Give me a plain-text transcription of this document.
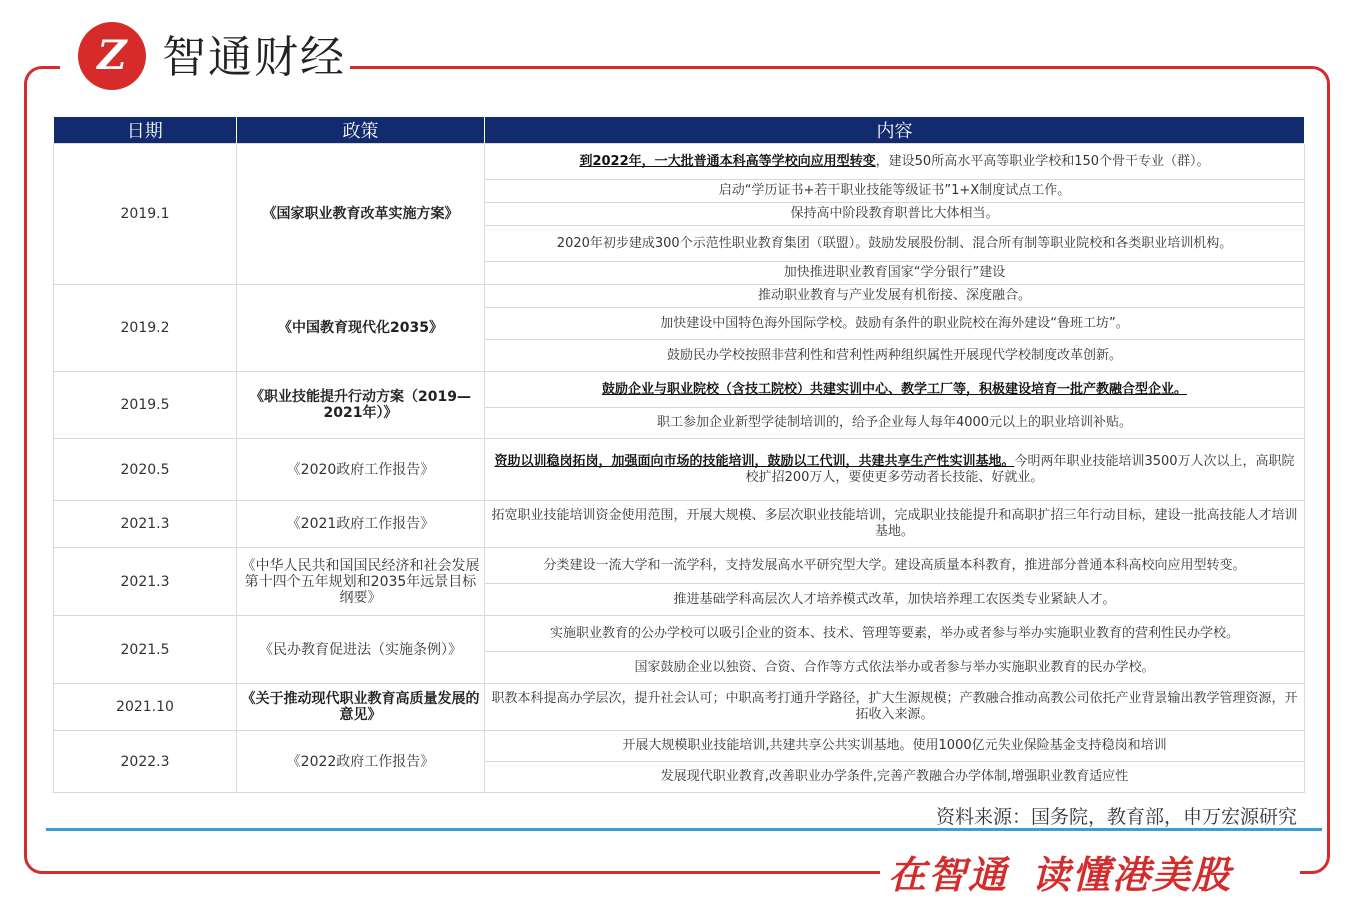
Z 智通财经
日期	政策	内容
2019.1	《国家职业教育改革实施方案》	到2022年，一大批普通本科高等学校向应用型转变，建设50所高水平高等职业学校和150个骨干专业（群）。
		启动“学历证书+若干职业技能等级证书”1+X制度试点工作。
		保持高中阶段教育职普比大体相当。
		2020年初步建成300个示范性职业教育集团（联盟）。鼓励发展股份制、混合所有制等职业院校和各类职业培训机构。
		加快推进职业教育国家“学分银行”建设
2019.2	《中国教育现代化2035》	推动职业教育与产业发展有机衔接、深度融合。
		加快建设中国特色海外国际学校。鼓励有条件的职业院校在海外建设“鲁班工坊”。
		鼓励民办学校按照非营利性和营利性两种组织属性开展现代学校制度改革创新。
2019.5	《职业技能提升行动方案（2019—2021年）》	鼓励企业与职业院校（含技工院校）共建实训中心、教学工厂等，积极建设培育一批产教融合型企业。
		职工参加企业新型学徒制培训的，给予企业每人每年4000元以上的职业培训补贴。
2020.5	《2020政府工作报告》	资助以训稳岗拓岗，加强面向市场的技能培训，鼓励以工代训，共建共享生产性实训基地。今明两年职业技能培训3500万人次以上，高职院校扩招200万人，要使更多劳动者长技能、好就业。
2021.3	《2021政府工作报告》	拓宽职业技能培训资金使用范围，开展大规模、多层次职业技能培训，完成职业技能提升和高职扩招三年行动目标，建设一批高技能人才培训基地。
2021.3	《中华人民共和国国民经济和社会发展第十四个五年规划和2035年远景目标纲要》	分类建设一流大学和一流学科，支持发展高水平研究型大学。建设高质量本科教育，推进部分普通本科高校向应用型转变。
		推进基础学科高层次人才培养模式改革，加快培养理工农医类专业紧缺人才。
2021.5	《民办教育促进法（实施条例）》	实施职业教育的公办学校可以吸引企业的资本、技术、管理等要素，举办或者参与举办实施职业教育的营利性民办学校。
		国家鼓励企业以独资、合资、合作等方式依法举办或者参与举办实施职业教育的民办学校。
2021.10	《关于推动现代职业教育高质量发展的意见》	职教本科提高办学层次，提升社会认可；中职高考打通升学路径，扩大生源规模；产教融合推动高教公司依托产业背景输出教学管理资源，开拓收入来源。
2022.3	《2022政府工作报告》	开展大规模职业技能培训,共建共享公共实训基地。使用1000亿元失业保险基金支持稳岗和培训
		发展现代职业教育,改善职业办学条件,完善产教融合办学体制,增强职业教育适应性
资料来源：国务院，教育部，申万宏源研究
在智通 读懂港美股
